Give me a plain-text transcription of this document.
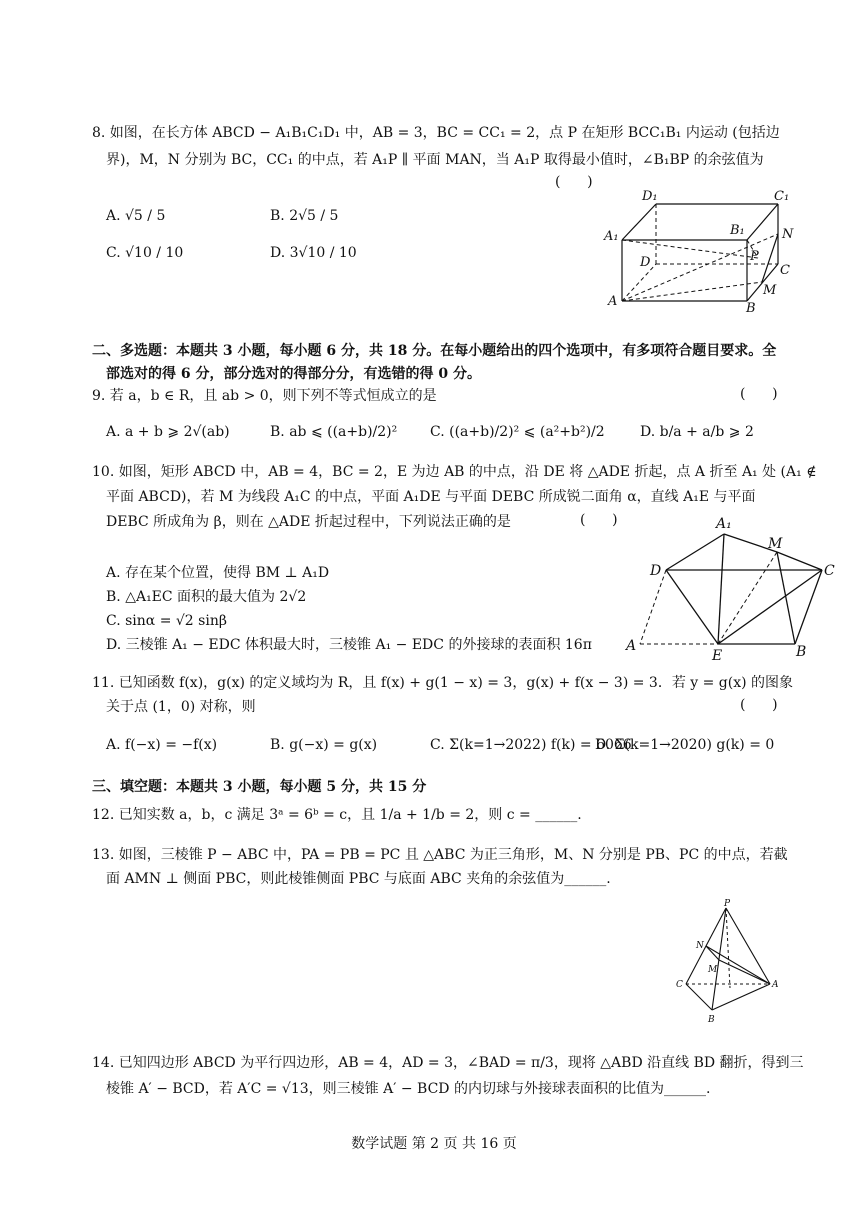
8. 如图，在长方体 ABCD − A₁B₁C₁D₁ 中，AB = 3，BC = CC₁ = 2，点 P 在矩形 BCC₁B₁ 内运动 (包括边
界)，M，N 分别为 BC，CC₁ 的中点，若 A₁P ∥ 平面 MAN，当 A₁P 取得最小值时，∠B₁BP 的余弦值为
(      )
A. √5 / 5	B. 2√5 / 5
C. √10 / 10	D. 3√10 / 10
D₁	C₁
A₁	B₁	N
D	P
C
A	B
M
二、多选题：本题共 3 小题，每小题 6 分，共 18 分。在每小题给出的四个选项中，有多项符合题目要求。全
部选对的得 6 分，部分选对的得部分分，有选错的得 0 分。
9. 若 a，b ∈ R，且 ab > 0，则下列不等式恒成立的是	(      )
A. a + b ⩾ 2√(ab)	B. ab ⩽ ((a+b)/2)² C. ((a+b)/2)² ⩽ (a²+b²)/2	D. b/a + a/b ⩾ 2
10. 如图，矩形 ABCD 中，AB = 4，BC = 2，E 为边 AB 的中点，沿 DE 将 △ADE 折起，点 A 折至 A₁ 处 (A₁ ∉
平面 ABCD)，若 M 为线段 A₁C 的中点，平面 A₁DE 与平面 DEBC 所成锐二面角 α，直线 A₁E 与平面
DEBC 所成角为 β，则在 △ADE 折起过程中，下列说法正确的是	(      )
A. 存在某个位置，使得 BM ⊥ A₁D
B. △A₁EC 面积的最大值为 2√2
C. sinα = √2 sinβ
D. 三棱锥 A₁ − EDC 体积最大时，三棱锥 A₁ − EDC 的外接球的表面积 16π
A₁
M
D	C
A
E	B
11. 已知函数 f(x)，g(x) 的定义域均为 R，且 f(x) + g(1 − x) = 3，g(x) + f(x − 3) = 3．若 y = g(x) 的图象
关于点 (1，0) 对称，则	(      )
A. f(−x) = −f(x)	B. g(−x) = g(x)	C. Σ(k=1→2022) f(k) = 6066
D. Σ(k=1→2020) g(k) = 0
三、填空题：本题共 3 小题，每小题 5 分，共 15 分
12. 已知实数 a，b，c 满足 3ᵃ = 6ᵇ = c，且 1/a + 1/b = 2，则 c = ______.
13. 如图，三棱锥 P − ABC 中，PA = PB = PC 且 △ABC 为正三角形，M、N 分别是 PB、PC 的中点，若截
面 AMN ⊥ 侧面 PBC，则此棱锥侧面 PBC 与底面 ABC 夹角的余弦值为______.
P
N
M
C	A
B
14. 已知四边形 ABCD 为平行四边形，AB = 4，AD = 3，∠BAD = π/3，现将 △ABD 沿直线 BD 翻折，得到三
棱锥 A′ − BCD，若 A′C = √13，则三棱锥 A′ − BCD 的内切球与外接球表面积的比值为______.
数学试题 第 2 页 共 16 页
